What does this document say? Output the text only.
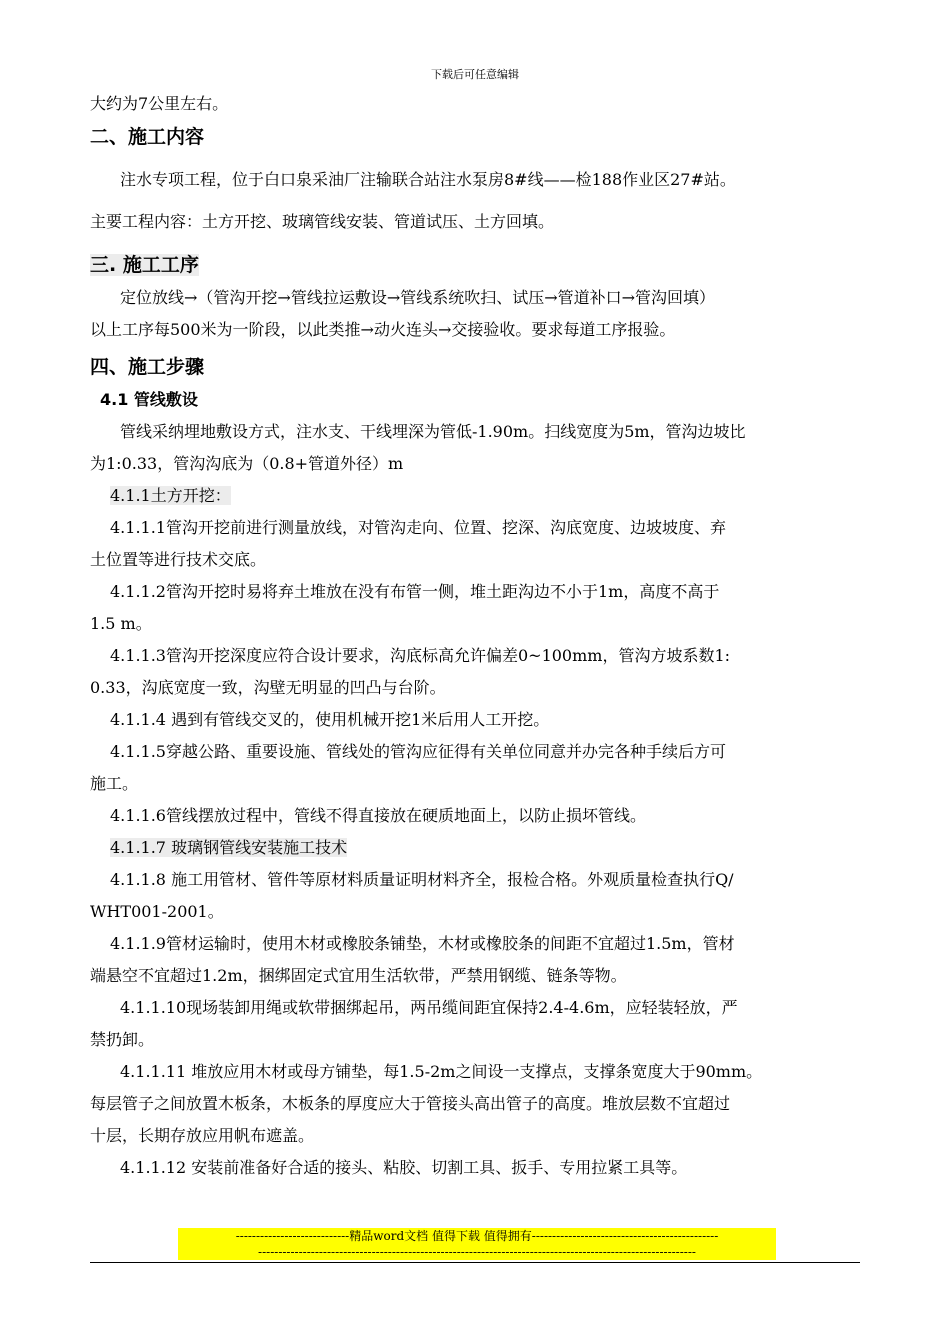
下载后可任意编辑
大约为7公里左右。
二、施工内容
注水专项工程，位于白口泉采油厂注输联合站注水泵房8#线——检188作业区27#站。
主要工程内容：土方开挖、玻璃管线安装、管道试压、土方回填。
三. 施工工序
定位放线→（管沟开挖→管线拉运敷设→管线系统吹扫、试压→管道补口→管沟回填）
以上工序每500米为一阶段，以此类推→动火连头→交接验收。要求每道工序报验。
四、施工步骤
4.1 管线敷设
管线采纳埋地敷设方式，注水支、干线埋深为管低-1.90m。扫线宽度为5m，管沟边坡比
为1:0.33，管沟沟底为（0.8+管道外径）m
4.1.1土方开挖：
4.1.1.1管沟开挖前进行测量放线，对管沟走向、位置、挖深、沟底宽度、边坡坡度、弃
土位置等进行技术交底。
4.1.1.2管沟开挖时易将弃土堆放在没有布管一侧，堆土距沟边不小于1m，高度不高于
1.5 m。
4.1.1.3管沟开挖深度应符合设计要求，沟底标高允许偏差0~100mm，管沟方坡系数1:
0.33，沟底宽度一致，沟壁无明显的凹凸与台阶。
4.1.1.4 遇到有管线交叉的，使用机械开挖1米后用人工开挖。
4.1.1.5穿越公路、重要设施、管线处的管沟应征得有关单位同意并办完各种手续后方可
施工。
4.1.1.6管线摆放过程中，管线不得直接放在硬质地面上，以防止损坏管线。
4.1.1.7 玻璃钢管线安装施工技术
4.1.1.8 施工用管材、管件等原材料质量证明材料齐全，报检合格。外观质量检查执行Q/
WHT001-2001。
4.1.1.9管材运输时，使用木材或橡胶条铺垫，木材或橡胶条的间距不宜超过1.5m，管材
端悬空不宜超过1.2m，捆绑固定式宜用生活软带，严禁用钢缆、链条等物。
4.1.1.10现场装卸用绳或软带捆绑起吊，两吊缆间距宜保持2.4-4.6m，应轻装轻放，严
禁扔卸。
4.1.1.11 堆放应用木材或母方铺垫，每1.5-2m之间设一支撑点，支撑条宽度大于90mm。
每层管子之间放置木板条，木板条的厚度应大于管接头高出管子的高度。堆放层数不宜超过
十层，长期存放应用帆布遮盖。
4.1.1.12 安装前准备好合适的接头、粘胶、切割工具、扳手、专用拉紧工具等。
----------------------------精品word文档 值得下载 值得拥有----------------------------------------------
------------------------------------------------------------------------------------------------------------
